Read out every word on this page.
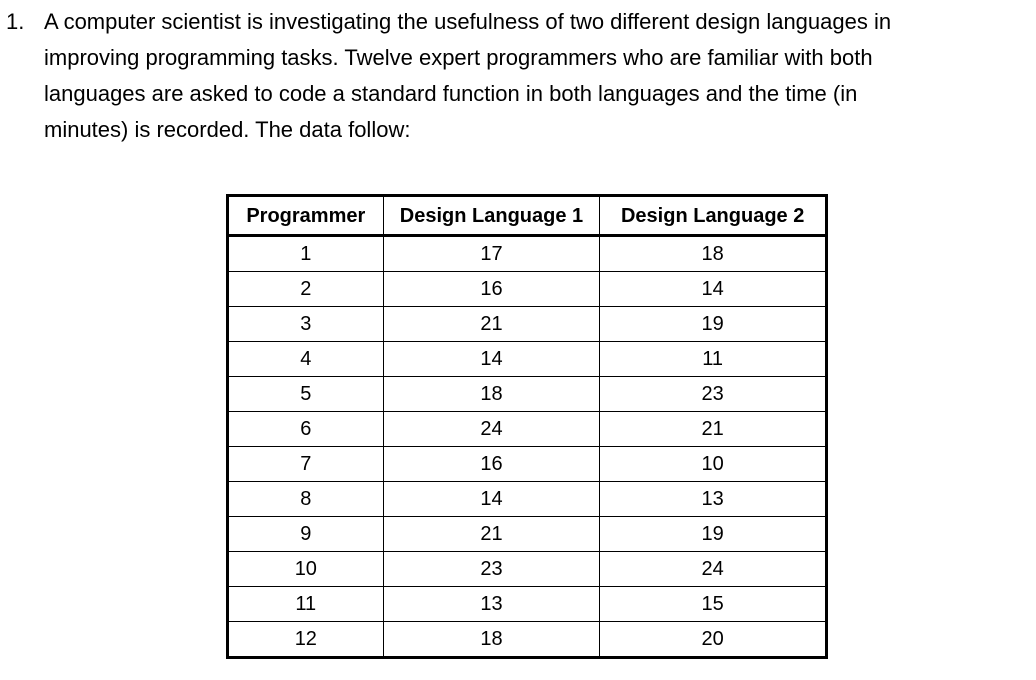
1. A computer scientist is investigating the usefulness of two different design languages in
improving programming tasks. Twelve expert programmers who are familiar with both
languages are asked to code a standard function in both languages and the time (in
minutes) is recorded. The data follow:

Programmer	Design Language 1	Design Language 2
1	17	18
2	16	14
3	21	19
4	14	11
5	18	23
6	24	21
7	16	10
8	14	13
9	21	19
10	23	24
11	13	15
12	18	20
